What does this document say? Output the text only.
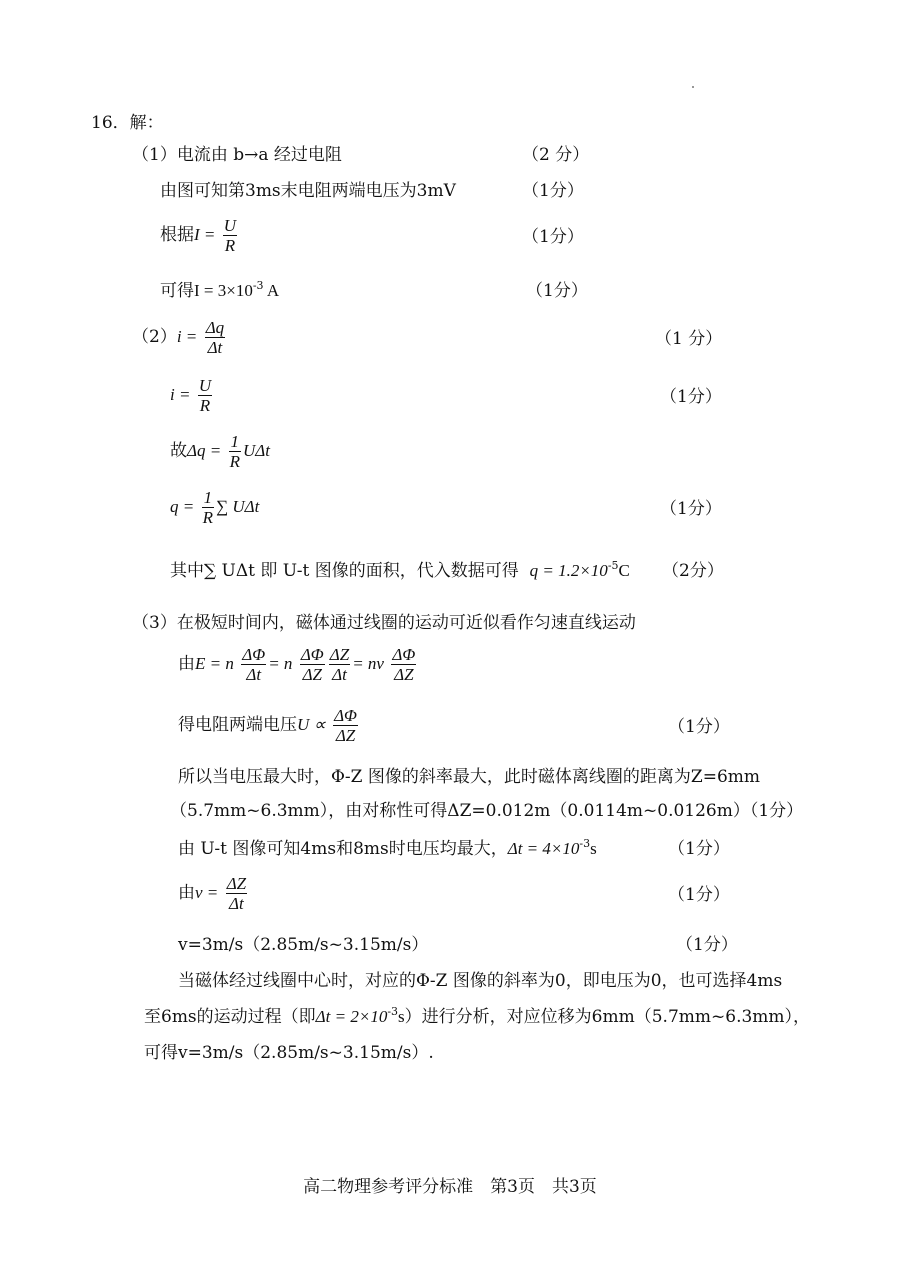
16．解：
（1）电流由 b→a 经过电阻	（2 分）
由图可知第3ms末电阻两端电压为3mV	（1分）
根据$I = \frac{U}{R}$	（1分）
可得$I = 3\times 10^{-3}$ A	（1分）
$(2)i = \frac{\Delta q}{\Delta t}$	（1 分）
$i = \frac{U}{R}$	（1分）
故$\Delta q = \frac{1}{R}$ UΔt
$q = \frac{1}{R}$ ∑ UΔt	（1分）
其中∑ UΔt 即 U-t 图像的面积，代入数据可得 $q = 1.2\times 10^{-5}C$ （2分）
（3）在极短时间内，磁体通过线圈的运动可近似看作匀速直线运动
由E = n $\frac{\Delta\Phi}{\Delta t} = n \frac{\Delta\Phi}{\Delta Z} \frac{\Delta Z}{\Delta t}$ = nv $\frac{\Delta\Phi}{\Delta Z}$
得电阻两端电压$U \propto \frac{\Delta\Phi}{\Delta Z}$	（1分）
所以当电压最大时，Φ-Z 图像的斜率最大，此时磁体离线圈的距离为Z=6mm
（5.7mm~6.3mm），由对称性可得ΔZ=0.012m（0.0114m~0.0126m）（1分）
由 U-t 图像可知4ms和8ms时电压均最大，$\Delta t = 4\times 10^{-3}s$	（1分）
由$v = \frac{\Delta Z}{\Delta t}$	（1分）
v=3m/s（2.85m/s~3.15m/s）	（1分）
当磁体经过线圈中心时，对应的Φ-Z 图像的斜率为0，即电压为0，也可选择4ms
至6ms的运动过程（即$\Delta t = 2\times 10^{-3}s$）进行分析，对应位移为6mm（5.7mm~6.3mm），
可得v=3m/s（2.85m/s~3.15m/s）.
高二物理参考评分标准　第3页　共3页
